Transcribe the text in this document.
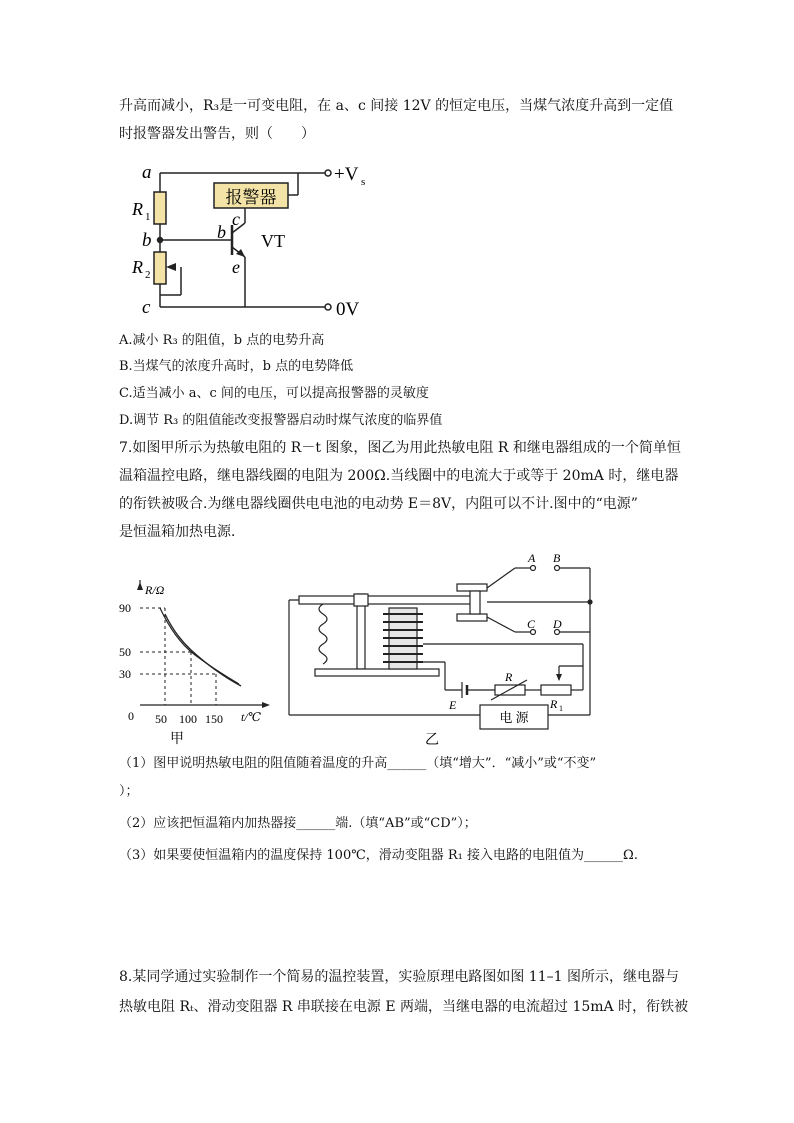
升高而减小，R₃是一可变电阻，在 a、c 间接 12V 的恒定电压，当煤气浓度升高到一定值
时报警器发出警告，则（　　）
a
R 1
b
R 2
c
c
b
e
VT
报警器
+V s
0V
A.减小 R₃ 的阻值，b 点的电势升高
B.当煤气的浓度升高时，b 点的电势降低
C.适当减小 a、c 间的电压，可以提高报警器的灵敏度
D.调节 R₃ 的阻值能改变报警器启动时煤气浓度的临界值
7.如图甲所示为热敏电阻的 R－t 图象，图乙为用此热敏电阻 R 和继电器组成的一个简单恒
温箱温控电路，继电器线圈的电阻为 200Ω.当线圈中的电流大于或等于 20mA 时，继电器
的衔铁被吸合.为继电器线圈供电电池的电动势 E＝8V，内阻可以不计.图中的“电源”
是恒温箱加热电源．
R/Ω
90
50
30
0 50 100 150 t/℃
甲
A B
C D
R
R 1
E
电 源
乙
（1）图甲说明热敏电阻的阻值随着温度的升高______（填“增大”．“减小”或“不变”
）；
（2）应该把恒温箱内加热器接______端.（填“AB”或“CD”）；
（3）如果要使恒温箱内的温度保持 100℃，滑动变阻器 R₁ 接入电路的电阻值为______Ω.
8.某同学通过实验制作一个简易的温控装置，实验原理电路图如图 11–1 图所示，继电器与
热敏电阻 Rₜ、滑动变阻器 R 串联接在电源 E 两端，当继电器的电流超过 15mA 时，衔铁被
